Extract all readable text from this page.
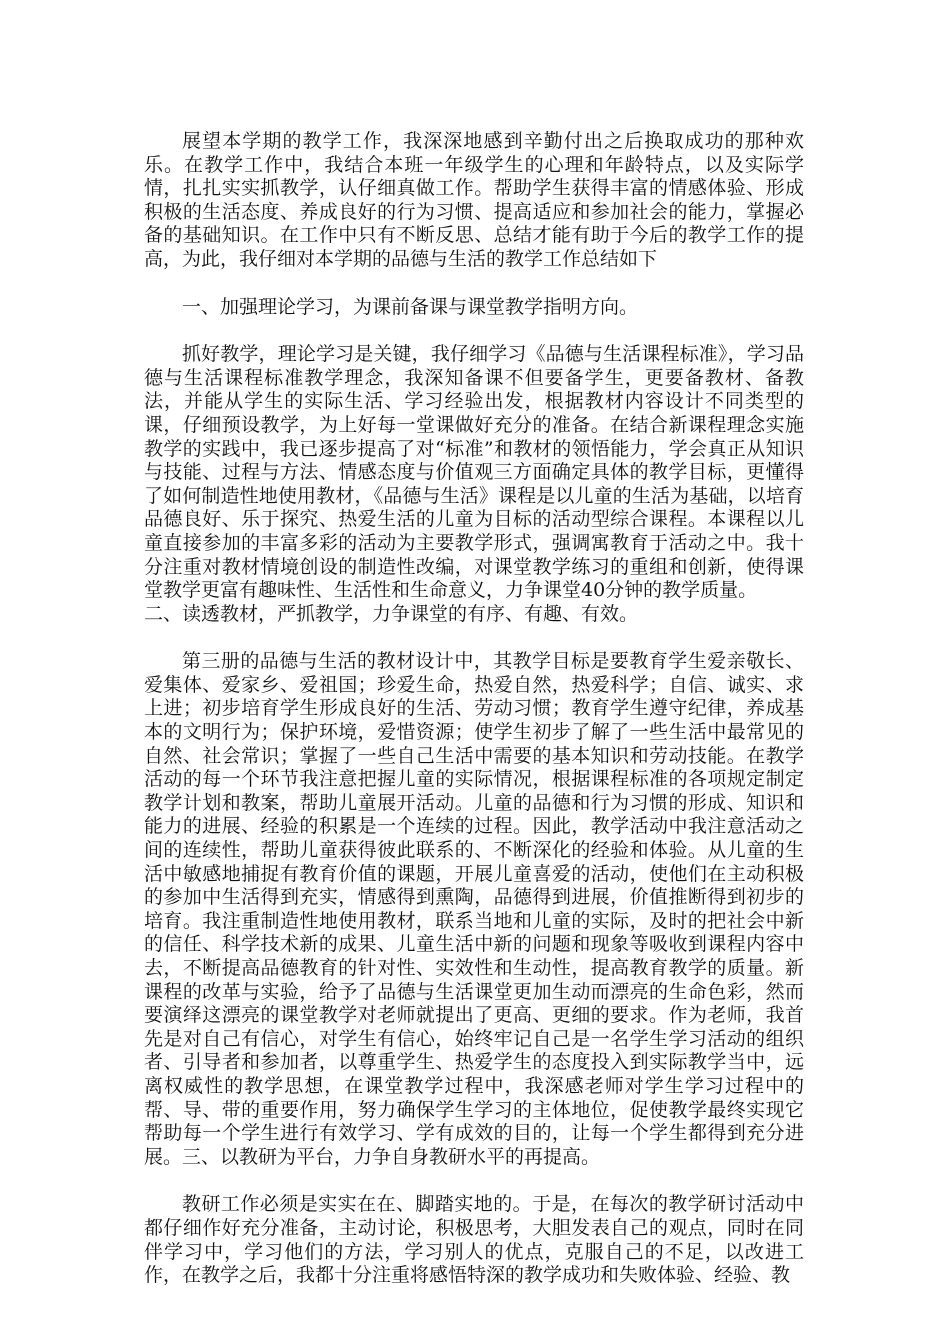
展望本学期的教学工作，我深深地感到辛勤付出之后换取成功的那种欢乐。在教学工作中，我结合本班一年级学生的心理和年龄特点，以及实际学情，扎扎实实抓教学，认仔细真做工作。帮助学生获得丰富的情感体验、形成积极的生活态度、养成良好的行为习惯、提高适应和参加社会的能力，掌握必备的基础知识。在工作中只有不断反思、总结才能有助于今后的教学工作的提高，为此，我仔细对本学期的品德与生活的教学工作总结如下

一、加强理论学习，为课前备课与课堂教学指明方向。

抓好教学，理论学习是关键，我仔细学习《品德与生活课程标准》，学习品德与生活课程标准教学理念，我深知备课不但要备学生，更要备教材、备教法，并能从学生的实际生活、学习经验出发，根据教材内容设计不同类型的课，仔细预设教学，为上好每一堂课做好充分的准备。在结合新课程理念实施教学的实践中，我已逐步提高了对“标准”和教材的领悟能力，学会真正从知识与技能、过程与方法、情感态度与价值观三方面确定具体的教学目标，更懂得了如何制造性地使用教材，《品德与生活》课程是以儿童的生活为基础，以培育品德良好、乐于探究、热爱生活的儿童为目标的活动型综合课程。本课程以儿童直接参加的丰富多彩的活动为主要教学形式，强调寓教育于活动之中。我十分注重对教材情境创设的制造性改编，对课堂教学练习的重组和创新，使得课堂教学更富有趣味性、生活性和生命意义，力争课堂40分钟的教学质量。

二、读透教材，严抓教学，力争课堂的有序、有趣、有效。

第三册的品德与生活的教材设计中，其教学目标是要教育学生爱亲敬长、爱集体、爱家乡、爱祖国；珍爱生命，热爱自然，热爱科学；自信、诚实、求上进；初步培育学生形成良好的生活、劳动习惯；教育学生遵守纪律，养成基本的文明行为；保护环境，爱惜资源；使学生初步了解了一些生活中最常见的自然、社会常识；掌握了一些自己生活中需要的基本知识和劳动技能。在教学活动的每一个环节我注意把握儿童的实际情况，根据课程标准的各项规定制定教学计划和教案，帮助儿童展开活动。儿童的品德和行为习惯的形成、知识和能力的进展、经验的积累是一个连续的过程。因此，教学活动中我注意活动之间的连续性，帮助儿童获得彼此联系的、不断深化的经验和体验。从儿童的生活中敏感地捕捉有教育价值的课题，开展儿童喜爱的活动，使他们在主动积极的参加中生活得到充实，情感得到熏陶，品德得到进展，价值推断得到初步的培育。我注重制造性地使用教材，联系当地和儿童的实际，及时的把社会中新的信任、科学技术新的成果、儿童生活中新的问题和现象等吸收到课程内容中去，不断提高品德教育的针对性、实效性和生动性，提高教育教学的质量。新课程的改革与实验，给予了品德与生活课堂更加生动而漂亮的生命色彩，然而要演绎这漂亮的课堂教学对老师就提出了更高、更细的要求。作为老师，我首先是对自己有信心，对学生有信心，始终牢记自己是一名学生学习活动的组织者、引导者和参加者，以尊重学生、热爱学生的态度投入到实际教学当中，远离权威性的教学思想，在课堂教学过程中，我深感老师对学生学习过程中的帮、导、带的重要作用，努力确保学生学习的主体地位，促使教学最终实现它帮助每一个学生进行有效学习、学有成效的目的，让每一个学生都得到充分进展。三、以教研为平台，力争自身教研水平的再提高。

教研工作必须是实实在在、脚踏实地的。于是，在每次的教学研讨活动中都仔细作好充分准备，主动讨论，积极思考，大胆发表自己的观点，同时在同伴学习中，学习他们的方法，学习别人的优点，克服自己的不足，以改进工作，在教学之后，我都十分注重将感悟特深的教学成功和失败体验、经验、教
